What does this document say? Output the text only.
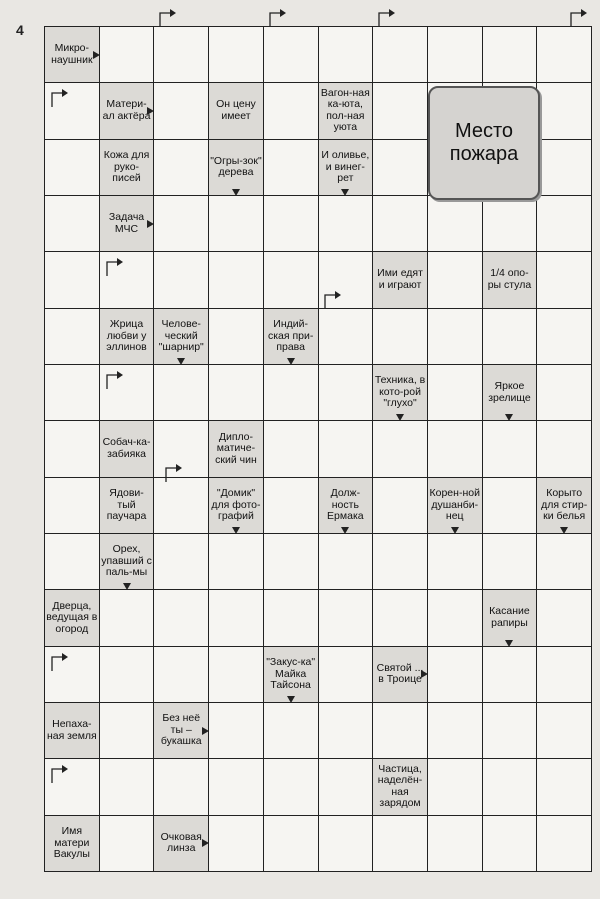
4
Микро-наушник
Матери-ал актёра
Он цену имеет
Вагон-ная ка-юта, пол-ная уюта
Кожа для руко-писей
"Огры-зок" дерева
И оливье, и винег-рет
Задача МЧС
Ими едят и играют
1/4 опо-ры стула
Жрица любви у эллинов
Челове-ческий "шарнир"
Индий-ская при-права
Техника, в кото-рой "глухо"
Яркое зрелище
Собач-ка-забияка
Диплo-матиче-ский чин
Ядови-тый паучара
"Домик" для фото-графий
Долж-ность Ермака
Корен-ной душанби-нец
Корыто для стир-ки белья
Орех, упавший с паль-мы
Дверца, ведущая в огород
Касание рапиры
"Закус-ка" Майка Тайсона
Святой ... в Троице
Непаха-ная земля
Без неё ты – букашка
Частица, наделён-ная зарядом
Имя матери Вакулы
Очковая линза
Место пожара
